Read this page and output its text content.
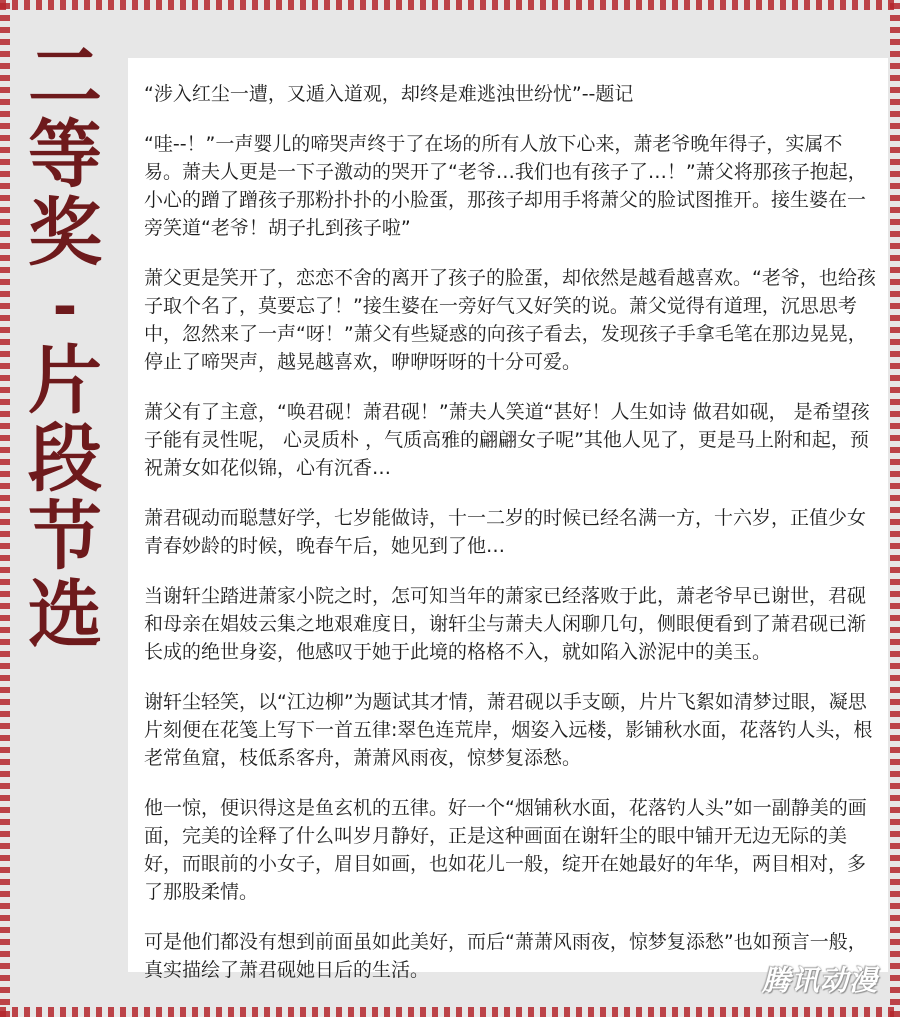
二
等
奖
-
片
段
节
选

“涉入红尘一遭，又遁入道观，却终是难逃浊世纷忧”--题记

“哇--！”一声婴儿的啼哭声终于了在场的所有人放下心来，萧老爷晚年得子，实属不易。萧夫人更是一下子激动的哭开了“老爷…我们也有孩子了…！”萧父将那孩子抱起，小心的蹭了蹭孩子那粉扑扑的小脸蛋，那孩子却用手将萧父的脸试图推开。接生婆在一旁笑道“老爷！胡子扎到孩子啦”

萧父更是笑开了，恋恋不舍的离开了孩子的脸蛋，却依然是越看越喜欢。“老爷，也给孩子取个名了，莫要忘了！”接生婆在一旁好气又好笑的说。萧父觉得有道理，沉思思考中，忽然来了一声“呀！”萧父有些疑惑的向孩子看去，发现孩子手拿毛笔在那边晃晃，停止了啼哭声，越晃越喜欢，咿咿呀呀的十分可爱。

萧父有了主意，“唤君砚！萧君砚！”萧夫人笑道“甚好！人生如诗 做君如砚， 是希望孩子能有灵性呢， 心灵质朴 ，气质高雅的翩翩女子呢”其他人见了，更是马上附和起，预祝萧女如花似锦，心有沉香…

萧君砚动而聪慧好学，七岁能做诗，十一二岁的时候已经名满一方，十六岁，正值少女青春妙龄的时候，晚春午后，她见到了他…

当谢轩尘踏进萧家小院之时，怎可知当年的萧家已经落败于此，萧老爷早已谢世，君砚和母亲在娼妓云集之地艰难度日，谢轩尘与萧夫人闲聊几句，侧眼便看到了萧君砚已渐长成的绝世身姿，他感叹于她于此境的格格不入，就如陷入淤泥中的美玉。

谢轩尘轻笑，以“江边柳”为题试其才情，萧君砚以手支颐，片片飞絮如清梦过眼，凝思片刻便在花笺上写下一首五律:翠色连荒岸，烟姿入远楼，影铺秋水面，花落钓人头，根老常鱼窟，枝低系客舟，萧萧风雨夜，惊梦复添愁。

他一惊，便识得这是鱼玄机的五律。好一个“烟铺秋水面，花落钓人头”如一副静美的画面，完美的诠释了什么叫岁月静好，正是这种画面在谢轩尘的眼中铺开无边无际的美好，而眼前的小女子，眉目如画，也如花儿一般，绽开在她最好的年华，两目相对，多了那股柔情。

可是他们都没有想到前面虽如此美好，而后“萧萧风雨夜，惊梦复添愁”也如预言一般，真实描绘了萧君砚她日后的生活。	腾讯动漫
